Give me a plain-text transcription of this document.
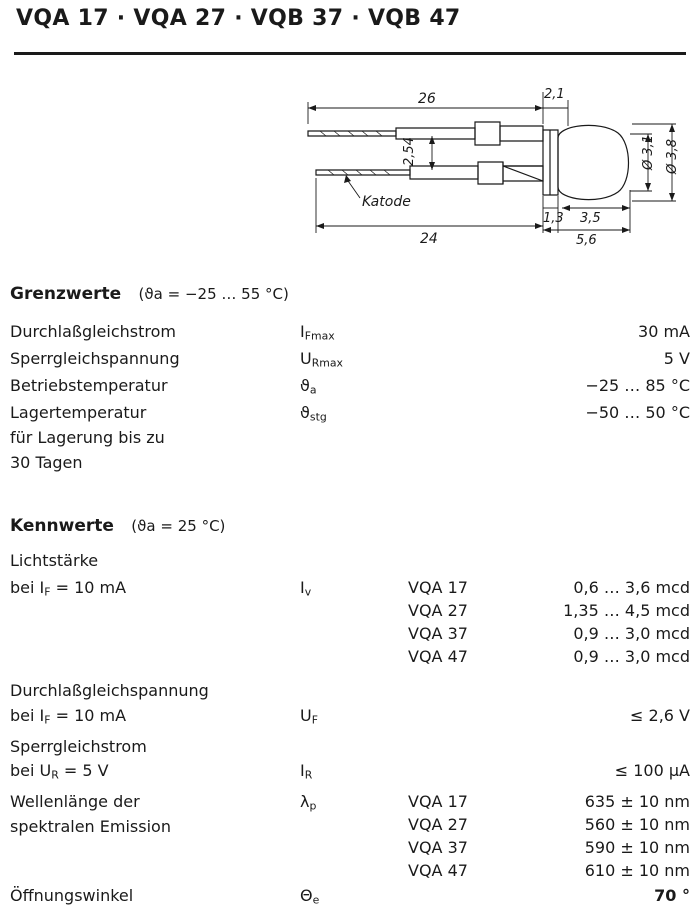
VQA 17 · VQA 27 · VQB 37 · VQB 47
26	2,1
2,54
Katode
24
1,3 3,5
5,6
Ø 3,1 Ø 3,8
Grenzwerte (ϑa = −25 … 55 °C)
Durchlaßgleichstrom	$I_{Fmax}$	30 mA
Sperrgleichspannung	$U_{Rmax}$	5 V
Betriebstemperatur	$ϑ_a$	−25 … 85 °C
Lagertemperatur	$ϑ_{stg}$	−50 … 50 °C
für Lagerung bis zu
30 Tagen
Kennwerte (ϑa = 25 °C)
Lichtstärke
bei $I_F = 10$ mA	$I_v$	VQA 17	0,6 … 3,6 mcd
VQA 27	1,35 … 4,5 mcd
VQA 37	0,9 … 3,0 mcd
VQA 47	0,9 … 3,0 mcd
Durchlaßgleichspannung
bei $I_F = 10$ mA	$U_F$	≤ 2,6 V
Sperrgleichstrom
bei $U_R = 5$ V	$I_R$	≤ 100 µA
Wellenlänge der
spektralen Emission
$\lambda_p$	VQA 17	635 ± 10 nm
VQA 27	560 ± 10 nm
VQA 37	590 ± 10 nm
VQA 47	610 ± 10 nm
Öffnungswinkel	$\Theta_e$	70 °
